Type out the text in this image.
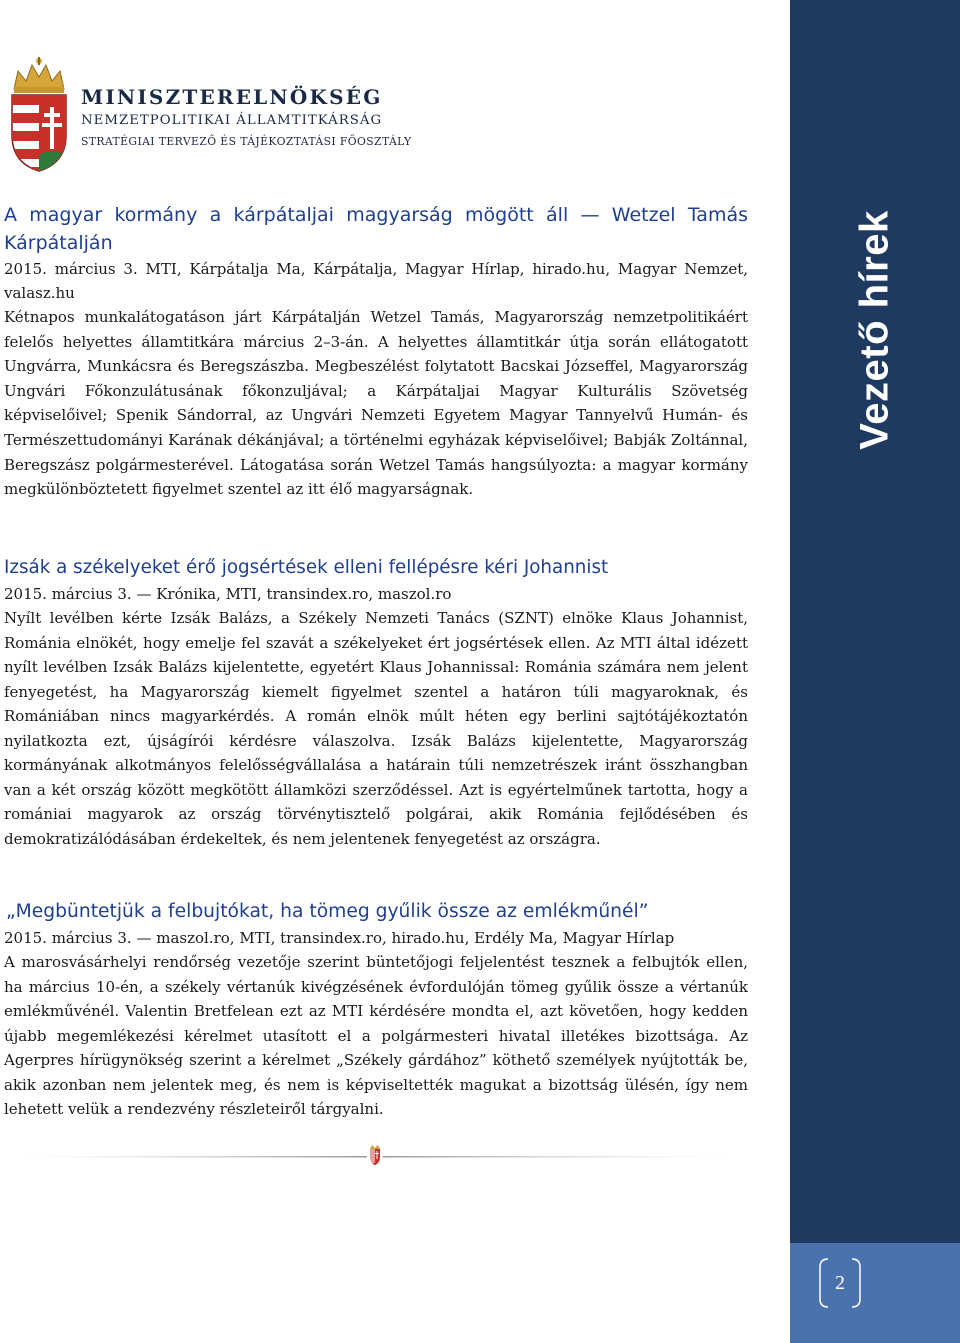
MINISZTERELNÖKSÉG
NEMZETPOLITIKAI ÁLLAMTITKÁRSÁG
STRATÉGIAI TERVEZŐ ÉS TÁJÉKOZTATÁSI FŐOSZTÁLY
Vezető hírek
2
A magyar kormány a kárpátaljai magyarság mögött áll — Wetzel Tamás Kárpátalján
2015. március 3. MTI, Kárpátalja Ma, Kárpátalja, Magyar Hírlap, hirado.hu, Magyar Nemzet, valasz.hu
Kétnapos munkalátogatáson járt Kárpátalján Wetzel Tamás, Magyarország nemzetpolitikáért felelős helyettes államtitkára március 2–3-án. A helyettes államtitkár útja során ellátogatott Ungvárra, Munkácsra és Beregszászba. Megbeszélést folytatott Bacskai Józseffel, Magyarország Ungvári Főkonzulátusának főkonzuljával; a Kárpátaljai Magyar Kulturális Szövetség képviselőivel; Spenik Sándorral, az Ungvári Nemzeti Egyetem Magyar Tannyelvű Humán- és Természettudományi Karának dékánjával; a történelmi egyházak képviselőivel; Babják Zoltánnal, Beregszász polgármesterével. Látogatása során Wetzel Tamás hangsúlyozta: a magyar kormány megkülönböztetett figyelmet szentel az itt élő magyarságnak.
Izsák a székelyeket érő jogsértések elleni fellépésre kéri Johannist
2015. március 3. — Krónika, MTI, transindex.ro, maszol.ro
Nyílt levélben kérte Izsák Balázs, a Székely Nemzeti Tanács (SZNT) elnöke Klaus Johannist, Románia elnökét, hogy emelje fel szavát a székelyeket ért jogsértések ellen. Az MTI által idézett nyílt levélben Izsák Balázs kijelentette, egyetért Klaus Johannissal: Románia számára nem jelent fenyegetést, ha Magyarország kiemelt figyelmet szentel a határon túli magyaroknak, és Romániában nincs magyarkérdés. A román elnök múlt héten egy berlini sajtótájékoztatón nyilatkozta ezt, újságírói kérdésre válaszolva. Izsák Balázs kijelentette, Magyarország kormányának alkotmányos felelősségvállalása a határain túli nemzetrészek iránt összhangban van a két ország között megkötött államközi szerződéssel. Azt is egyértelműnek tartotta, hogy a romániai magyarok az ország törvénytisztelő polgárai, akik Románia fejlődésében és demokratizálódásában érdekeltek, és nem jelentenek fenyegetést az országra.
„Megbüntetjük a felbujtókat, ha tömeg gyűlik össze az emlékműnél”
2015. március 3. — maszol.ro, MTI, transindex.ro, hirado.hu, Erdély Ma, Magyar Hírlap
A marosvásárhelyi rendőrség vezetője szerint büntetőjogi feljelentést tesznek a felbujtók ellen, ha március 10-én, a székely vértanúk kivégzésének évfordulóján tömeg gyűlik össze a vértanúk emlékművénél. Valentin Bretfelean ezt az MTI kérdésére mondta el, azt követően, hogy kedden újabb megemlékezési kérelmet utasított el a polgármesteri hivatal illetékes bizottsága. Az Agerpres hírügynökség szerint a kérelmet „Székely gárdához” köthető személyek nyújtották be, akik azonban nem jelentek meg, és nem is képviseltették magukat a bizottság ülésén, így nem lehetett velük a rendezvény részleteiről tárgyalni.
